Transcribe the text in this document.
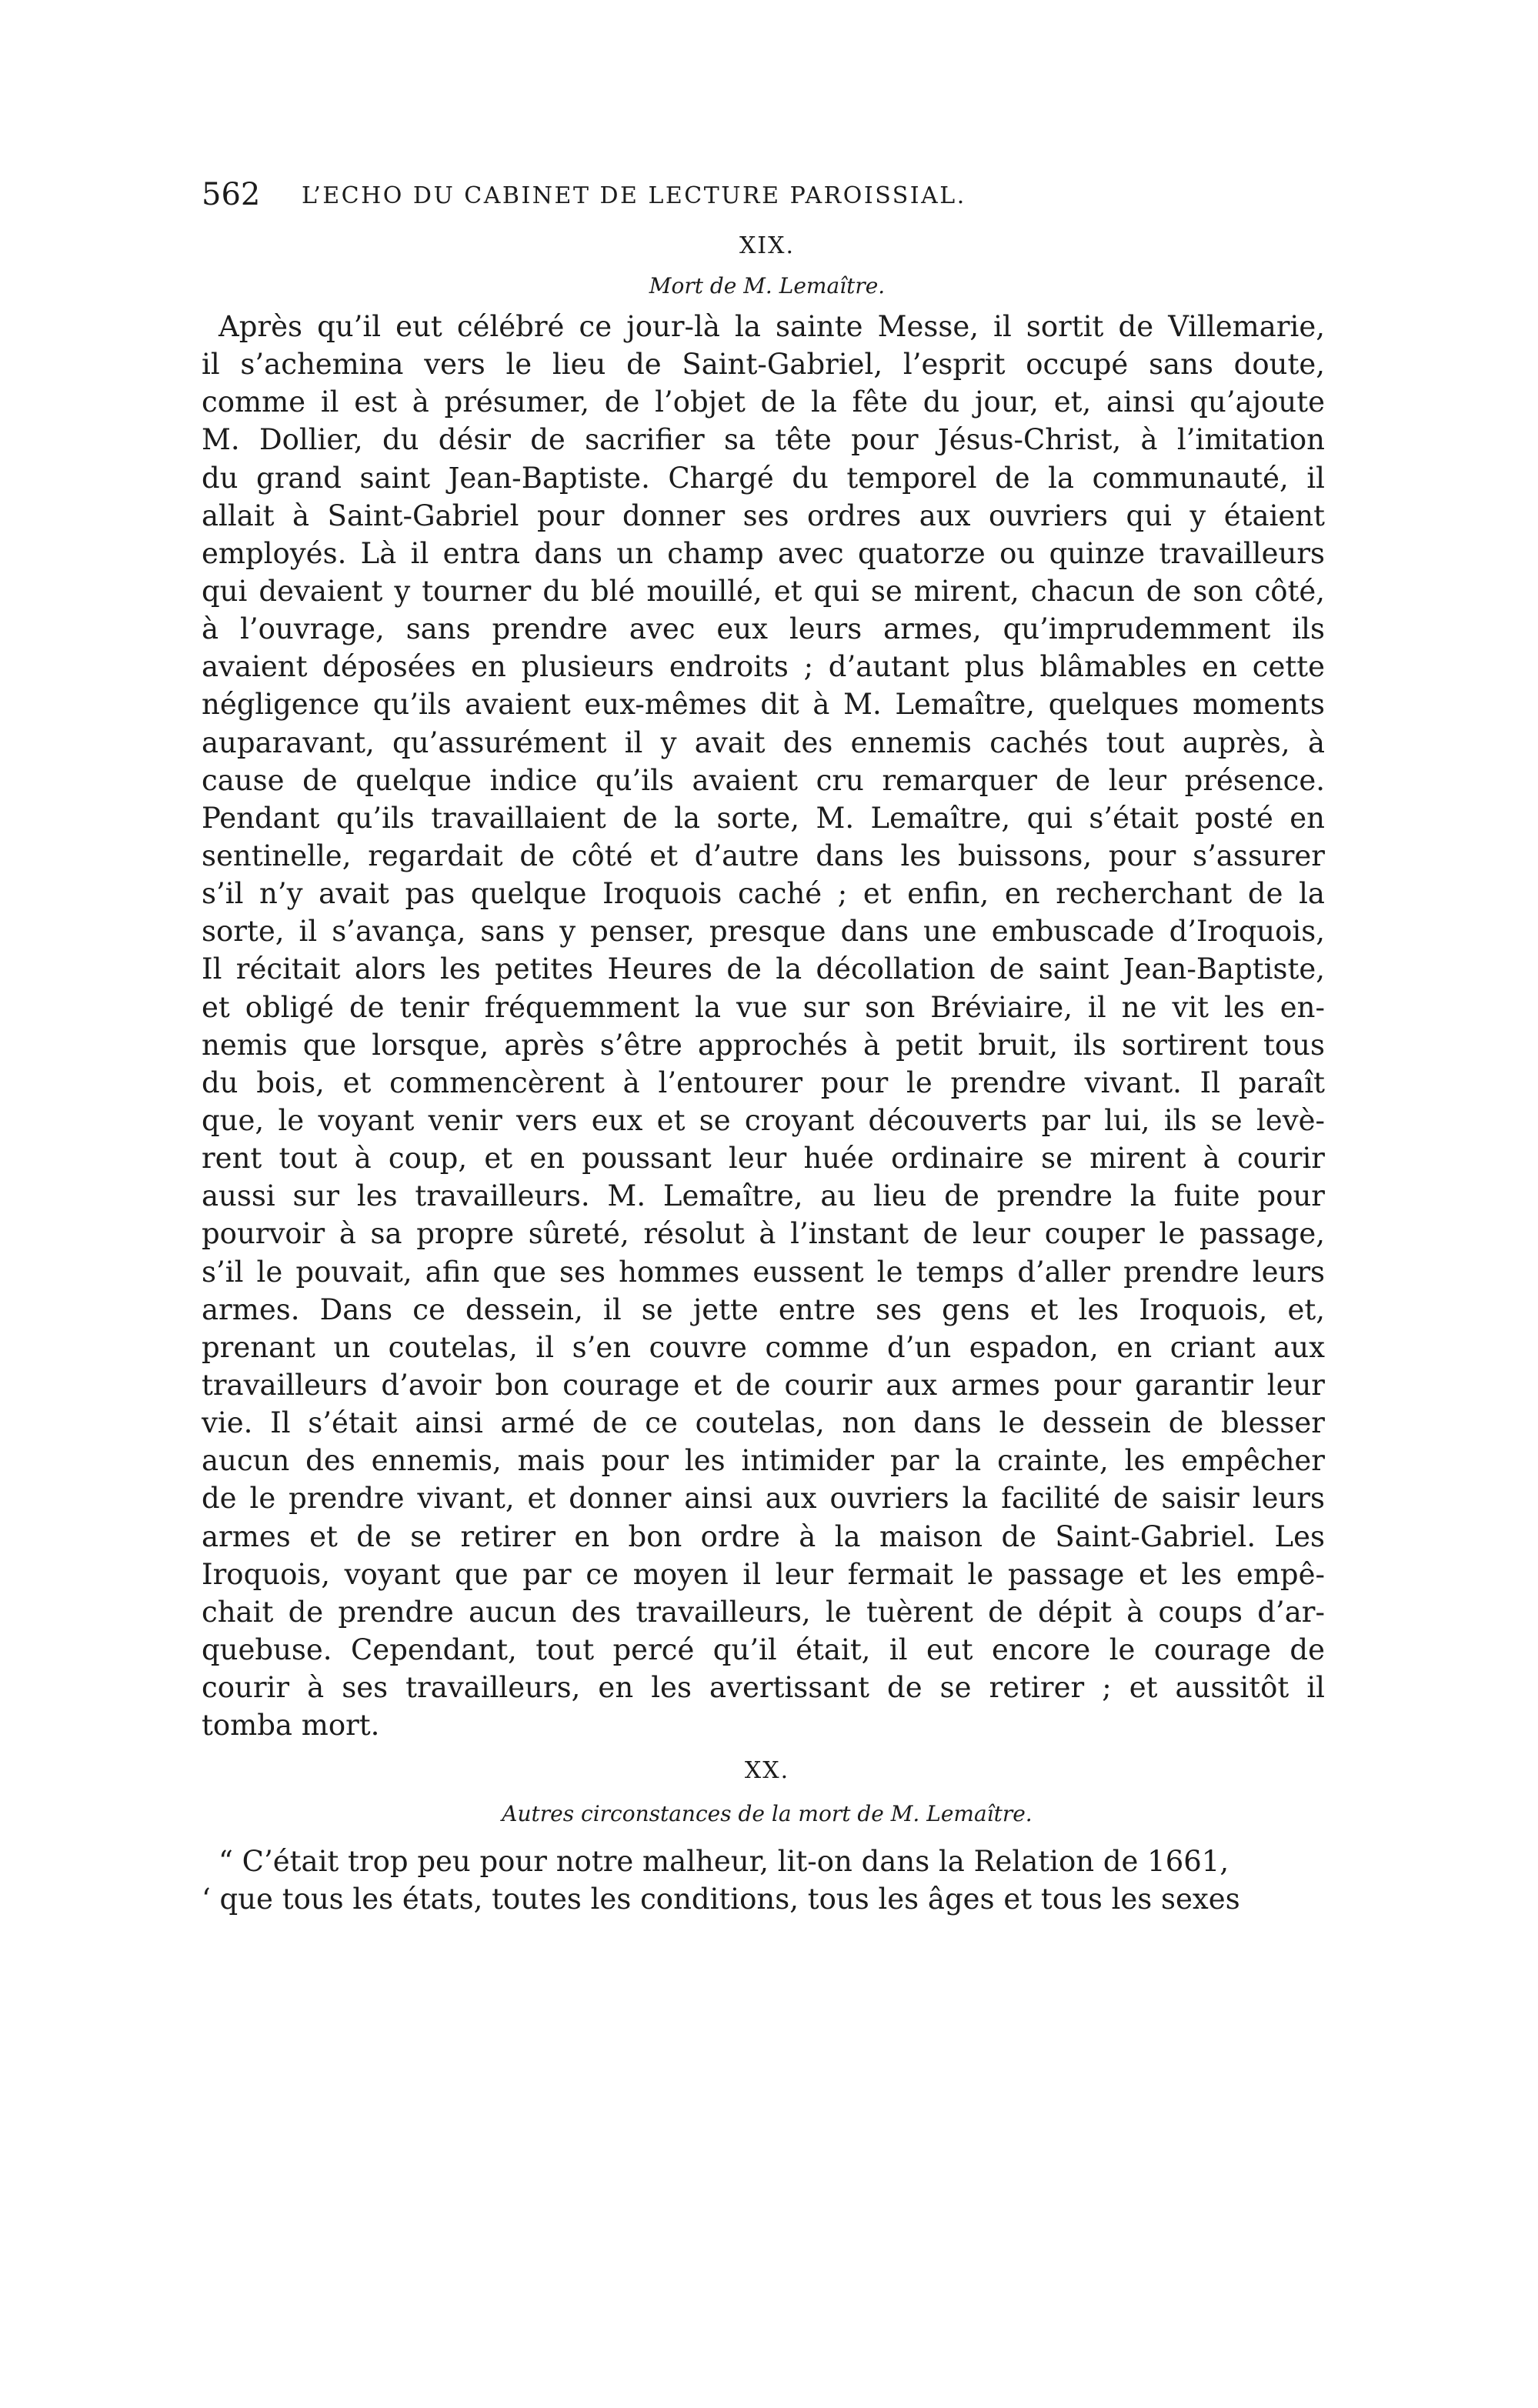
562 L’ECHO DU CABINET DE LECTURE PAROISSIAL.
XIX.
Mort de M. Lemaître.
Après qu’il eut célébré ce jour-là la sainte Messe, il sortit de Villemarie,
il s’achemina vers le lieu de Saint-Gabriel, l’esprit occupé sans doute,
comme il est à présumer, de l’objet de la fête du jour, et, ainsi qu’ajoute
M. Dollier, du désir de sacrifier sa tête pour Jésus-Christ, à l’imitation
du grand saint Jean-Baptiste. Chargé du temporel de la communauté, il
allait à Saint-Gabriel pour donner ses ordres aux ouvriers qui y étaient
employés. Là il entra dans un champ avec quatorze ou quinze travailleurs
qui devaient y tourner du blé mouillé, et qui se mirent, chacun de son côté,
à l’ouvrage, sans prendre avec eux leurs armes, qu’imprudemment ils
avaient déposées en plusieurs endroits ; d’autant plus blâmables en cette
négligence qu’ils avaient eux-mêmes dit à M. Lemaître, quelques moments
auparavant, qu’assurément il y avait des ennemis cachés tout auprès, à
cause de quelque indice qu’ils avaient cru remarquer de leur présence.
Pendant qu’ils travaillaient de la sorte, M. Lemaître, qui s’était posté en
sentinelle, regardait de côté et d’autre dans les buissons, pour s’assurer
s’il n’y avait pas quelque Iroquois caché ; et enfin, en recherchant de la
sorte, il s’avança, sans y penser, presque dans une embuscade d’Iroquois,
Il récitait alors les petites Heures de la décollation de saint Jean-Baptiste,
et obligé de tenir fréquemment la vue sur son Bréviaire, il ne vit les en-
nemis que lorsque, après s’être approchés à petit bruit, ils sortirent tous
du bois, et commencèrent à l’entourer pour le prendre vivant. Il paraît
que, le voyant venir vers eux et se croyant découverts par lui, ils se levè-
rent tout à coup, et en poussant leur huée ordinaire se mirent à courir
aussi sur les travailleurs. M. Lemaître, au lieu de prendre la fuite pour
pourvoir à sa propre sûreté, résolut à l’instant de leur couper le passage,
s’il le pouvait, afin que ses hommes eussent le temps d’aller prendre leurs
armes. Dans ce dessein, il se jette entre ses gens et les Iroquois, et,
prenant un coutelas, il s’en couvre comme d’un espadon, en criant aux
travailleurs d’avoir bon courage et de courir aux armes pour garantir leur
vie. Il s’était ainsi armé de ce coutelas, non dans le dessein de blesser
aucun des ennemis, mais pour les intimider par la crainte, les empêcher
de le prendre vivant, et donner ainsi aux ouvriers la facilité de saisir leurs
armes et de se retirer en bon ordre à la maison de Saint-Gabriel. Les
Iroquois, voyant que par ce moyen il leur fermait le passage et les empê-
chait de prendre aucun des travailleurs, le tuèrent de dépit à coups d’ar-
quebuse. Cependant, tout percé qu’il était, il eut encore le courage de
courir à ses travailleurs, en les avertissant de se retirer ; et aussitôt il
tomba mort.
XX.
Autres circonstances de la mort de M. Lemaître.
“ C’était trop peu pour notre malheur, lit-on dans la Relation de 1661,
‘ que tous les états, toutes les conditions, tous les âges et tous les sexes
